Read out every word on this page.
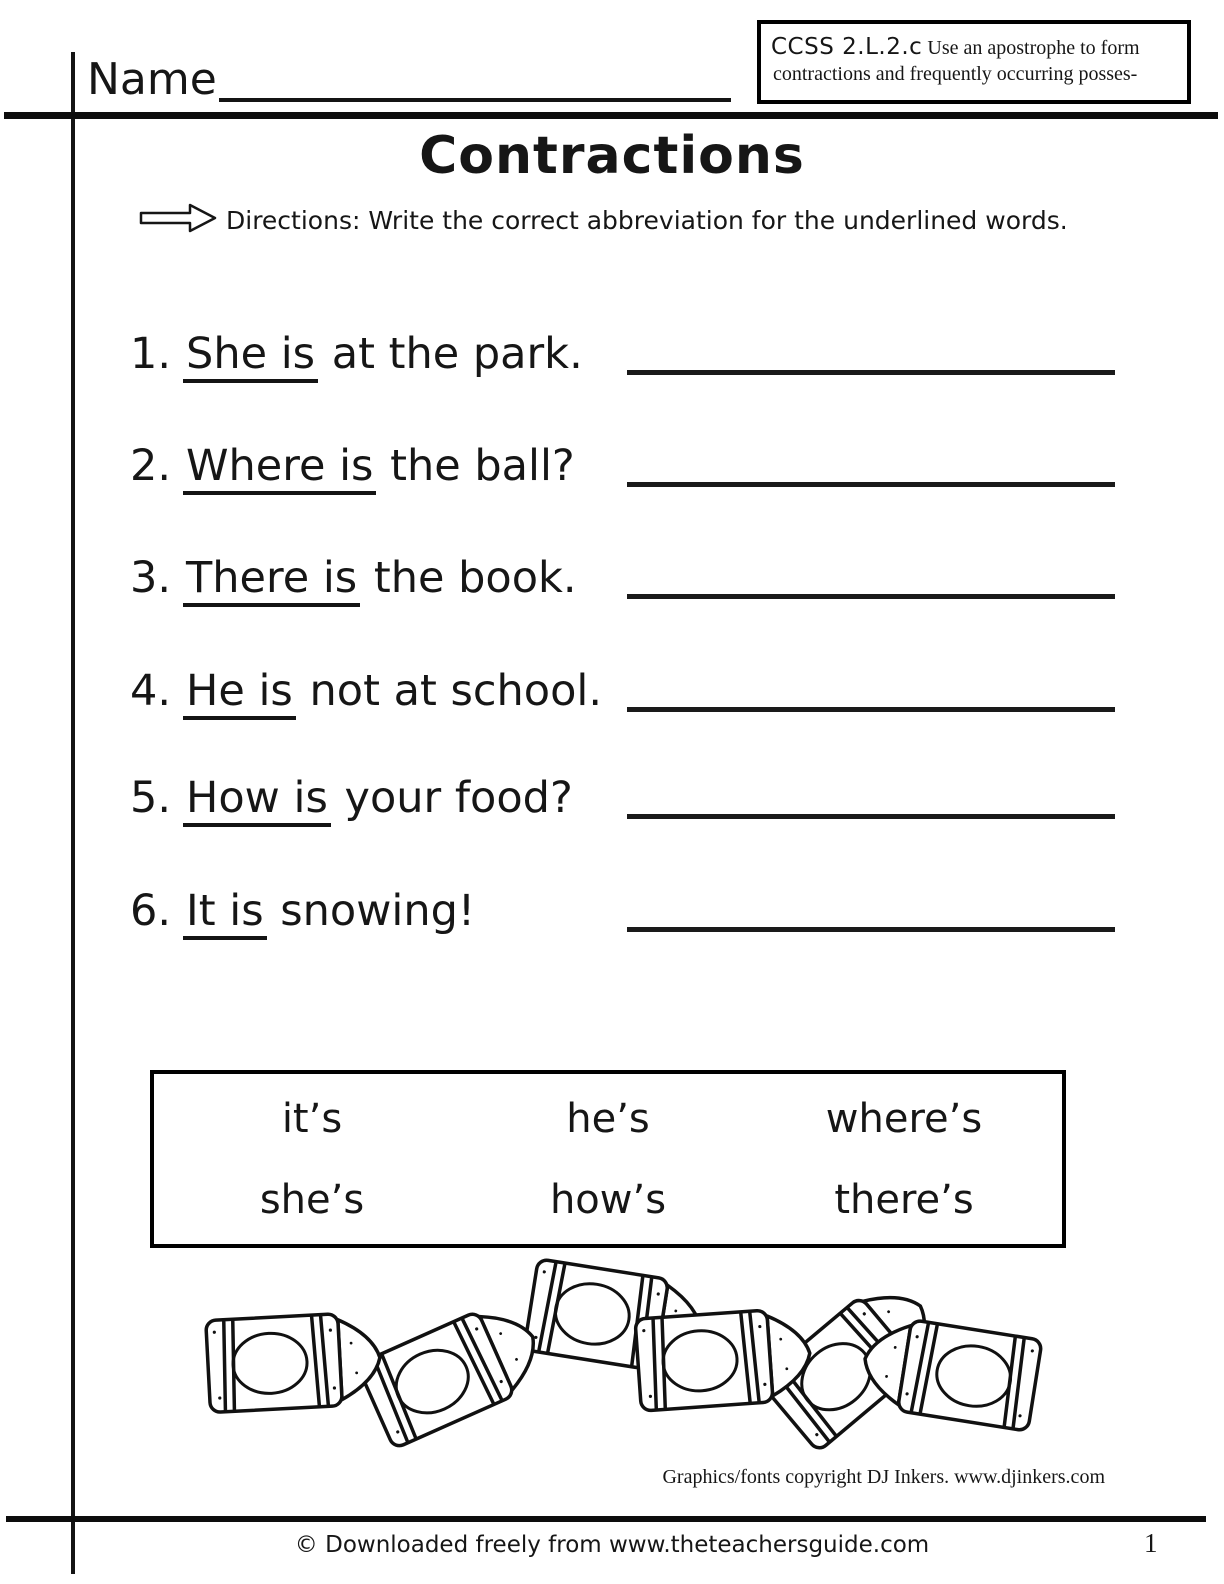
Name
CCSS 2.L.2.c Use an apostrophe to form
contractions and frequently occurring posses-
Contractions
Directions: Write the correct abbreviation for the underlined words.
1. She is at the park.
2. Where is the ball?
3. There is the book.
4. He is not at school.
5. How is your food?
6. It is snowing!
it’s	he’s	where’s
she’s	how’s	there’s
Graphics/fonts copyright DJ Inkers. www.djinkers.com
© Downloaded freely from www.theteachersguide.com	1
